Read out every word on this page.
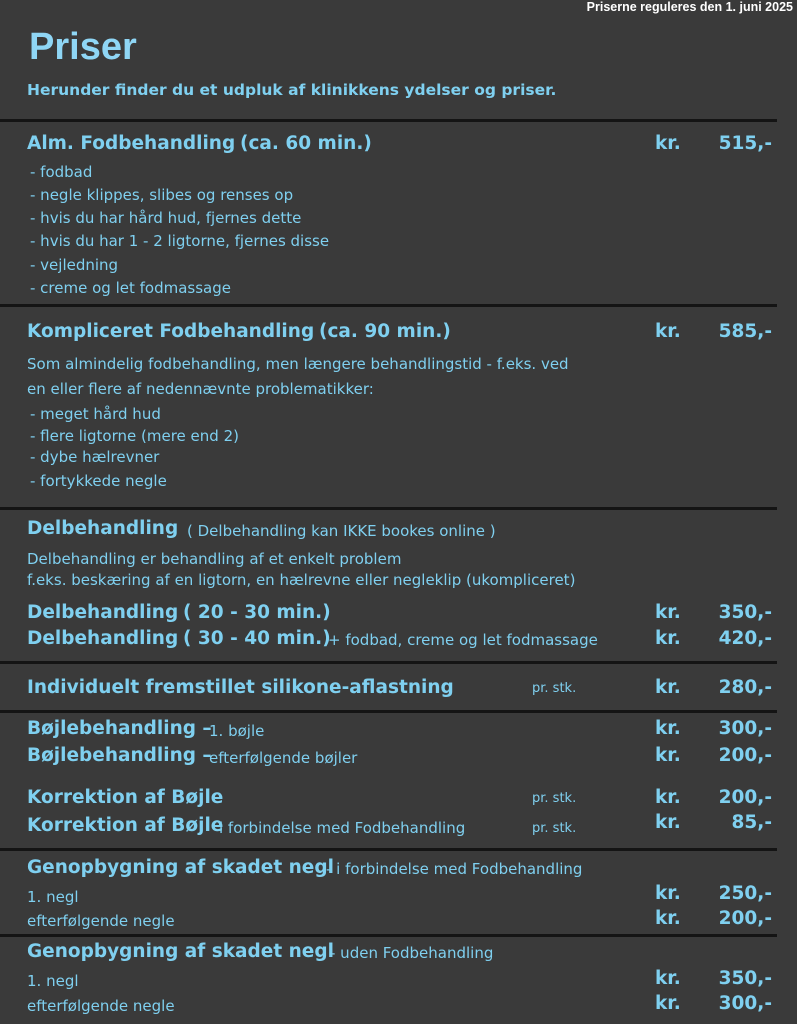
Priserne reguleres den 1. juni 2025
Priser
Herunder finder du et udpluk af klinikkens ydelser og priser.
Alm. Fodbehandling (ca. 60 min.)	kr. 515,-
- fodbad
- negle klippes, slibes og renses op
- hvis du har hård hud, fjernes dette
- hvis du har 1 - 2 ligtorne, fjernes disse
- vejledning
- creme og let fodmassage
Kompliceret Fodbehandling (ca. 90 min.)	kr. 585,-
Som almindelig fodbehandling, men længere behandlingstid - f.eks. ved
en eller flere af nedennævnte problematikker:
- meget hård hud
- flere ligtorne (mere end 2)
- dybe hælrevner
- fortykkede negle
Delbehandling ( Delbehandling kan IKKE bookes online )
Delbehandling er behandling af et enkelt problem
f.eks. beskæring af en ligtorn, en hælrevne eller negleklip (ukompliceret)
Delbehandling ( 20 - 30 min.)	kr. 350,-
Delbehandling ( 30 - 40 min.)
+ fodbad, creme og let fodmassage	kr. 420,-
Individuelt fremstillet silikone-aflastning	pr. stk.	kr. 280,-
Bøjlebehandling –
1. bøjle	kr. 300,-
Bøjlebehandling –
efterfølgende bøjler	kr. 200,-
Korrektion af Bøjle	pr. stk.	kr. 200,-
Korrektion af Bøjle
i forbindelse med Fodbehandling	pr. stk.	kr.	85,-
Genopbygning af skadet negl
- i forbindelse med Fodbehandling
1. negl	kr. 250,-
efterfølgende negle	kr. 200,-
Genopbygning af skadet negl
- uden Fodbehandling
1. negl	kr. 350,-
efterfølgende negle	kr. 300,-
